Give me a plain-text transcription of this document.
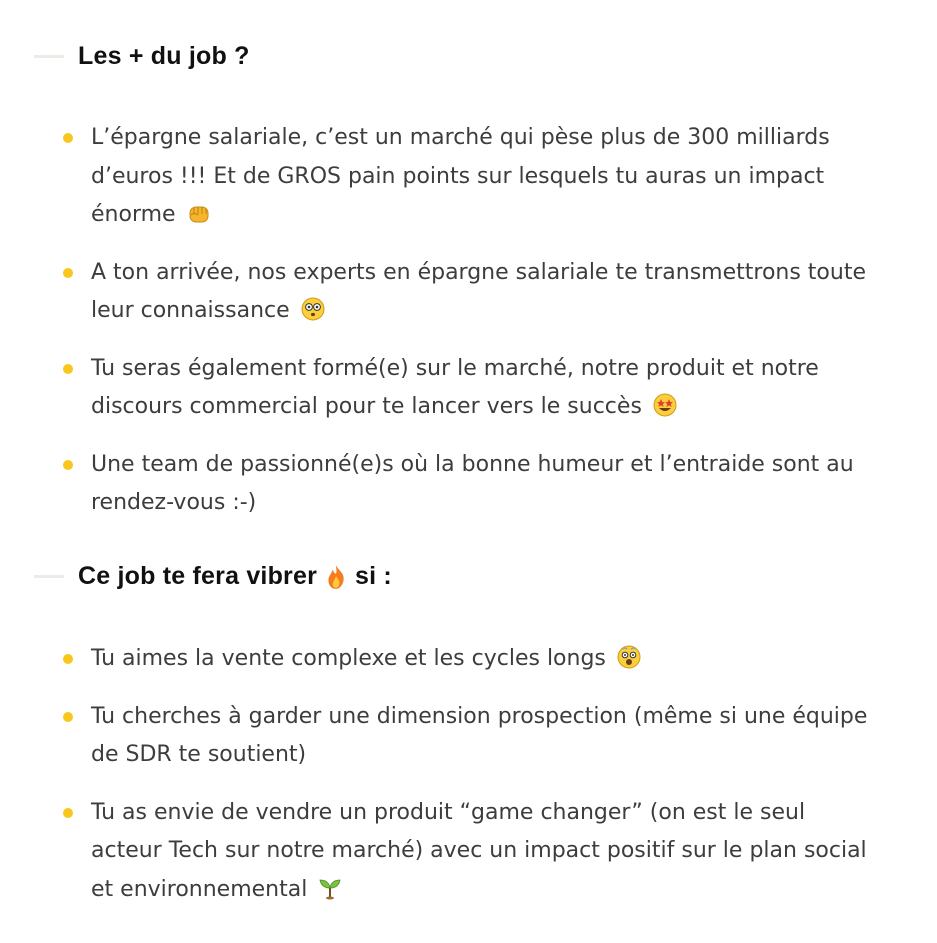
Les + du job ?
L’épargne salariale, c’est un marché qui pèse plus de 300 milliards d’euros !!! Et de GROS pain points sur lesquels tu auras un impact énorme
A ton arrivée, nos experts en épargne salariale te transmettrons toute leur connaissance
Tu seras également formé(e) sur le marché, notre produit et notre discours commercial pour te lancer vers le succès
Une team de passionné(e)s où la bonne humeur et l’entraide sont au rendez-vous :-)
Ce job te fera vibrer si :
Tu aimes la vente complexe et les cycles longs
Tu cherches à garder une dimension prospection (même si une équipe de SDR te soutient)
Tu as envie de vendre un produit “game changer” (on est le seul acteur Tech sur notre marché) avec un impact positif sur le plan social et environnemental
